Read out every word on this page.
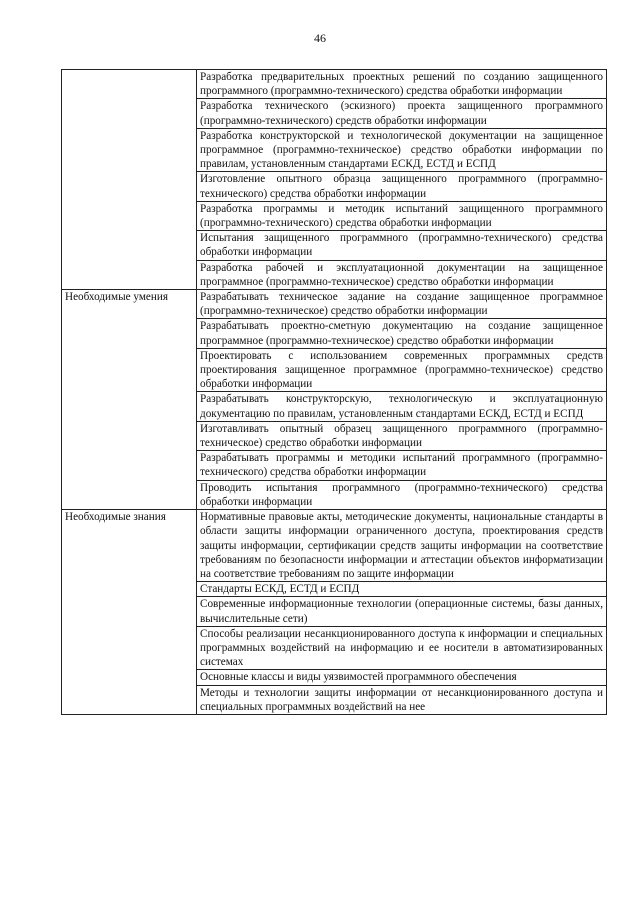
46
	Разработка предварительных проектных решений по созданию защищенного программного (программно-технического) средства обработки информации
	Разработка технического (эскизного) проекта защищенного программного (программно-технического) средств обработки информации
	Разработка конструкторской и технологической документации на защищенное программное (программно-техническое) средство обработки информации по правилам, установленным стандартами ЕСКД, ЕСТД и ЕСПД
	Изготовление опытного образца защищенного программного (программно-технического) средства обработки информации
	Разработка программы и методик испытаний защищенного программного (программно-технического) средства обработки информации
	Испытания защищенного программного (программно-технического) средства обработки информации
	Разработка рабочей и эксплуатационной документации на защищенное программное (программно-техническое) средство обработки информации
Необходимые умения	Разрабатывать техническое задание на создание защищенное программное (программно-техническое) средство обработки информации
	Разрабатывать проектно-сметную документацию на создание защищенное программное (программно-техническое) средство обработки информации
	Проектировать с использованием современных программных средств проектирования защищенное программное (программно-техническое) средство обработки информации
	Разрабатывать конструкторскую, технологическую и эксплуатационную документацию по правилам, установленным стандартами ЕСКД, ЕСТД и ЕСПД
	Изготавливать опытный образец защищенного программного (программно-техническое) средство обработки информации
	Разрабатывать программы и методики испытаний программного (программно-технического) средства обработки информации
	Проводить испытания программного (программно-технического) средства обработки информации
Необходимые знания	Нормативные правовые акты, методические документы, национальные стандарты в области защиты информации ограниченного доступа, проектирования средств защиты информации, сертификации средств защиты информации на соответствие требованиям по безопасности информации и аттестации объектов информатизации на соответствие требованиям по защите информации
	Стандарты ЕСКД, ЕСТД и ЕСПД
	Современные информационные технологии (операционные системы, базы данных, вычислительные сети)
	Способы реализации несанкционированного доступа к информации и специальных программных воздействий на информацию и ее носители в автоматизированных системах
	Основные классы и виды уязвимостей программного обеспечения
	Методы и технологии защиты информации от несанкционированного доступа и специальных программных воздействий на нее
